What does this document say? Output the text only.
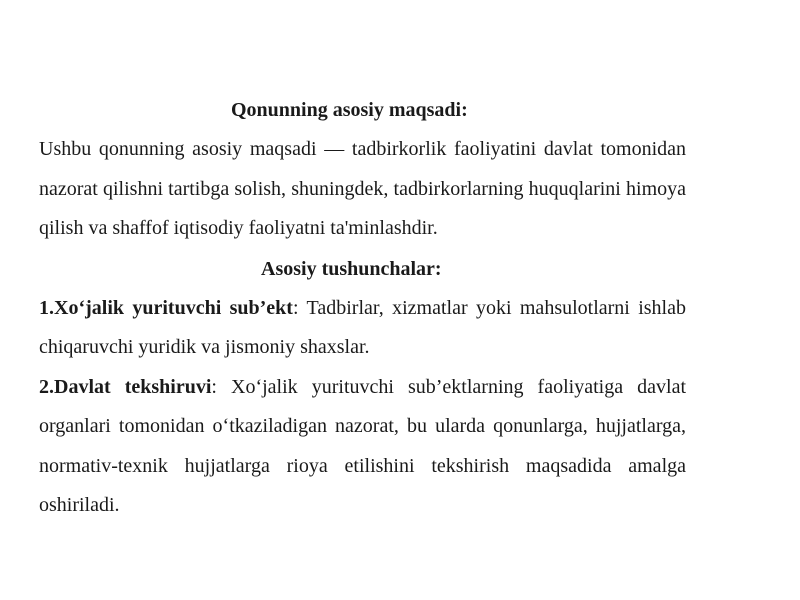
Qonunning asosiy maqsadi:

Ushbu qonunning asosiy maqsadi — tadbirkorlik faoliyatini davlat tomonidan nazorat qilishni tartibga solish, shuningdek, tadbirkorlarning huquqlarini himoya qilish va shaffof iqtisodiy faoliyatni ta'minlashdir.

Asosiy tushunchalar:

1.Xo‘jalik yurituvchi sub’ekt: Tadbirlar, xizmatlar yoki mahsulotlarni ishlab chiqaruvchi yuridik va jismoniy shaxslar.

2.Davlat tekshiruvi: Xo‘jalik yurituvchi sub’ektlarning faoliyatiga davlat organlari tomonidan o‘tkaziladigan nazorat, bu ularda qonunlarga, hujjatlarga, normativ-texnik hujjatlarga rioya etilishini tekshirish maqsadida amalga oshiriladi.
